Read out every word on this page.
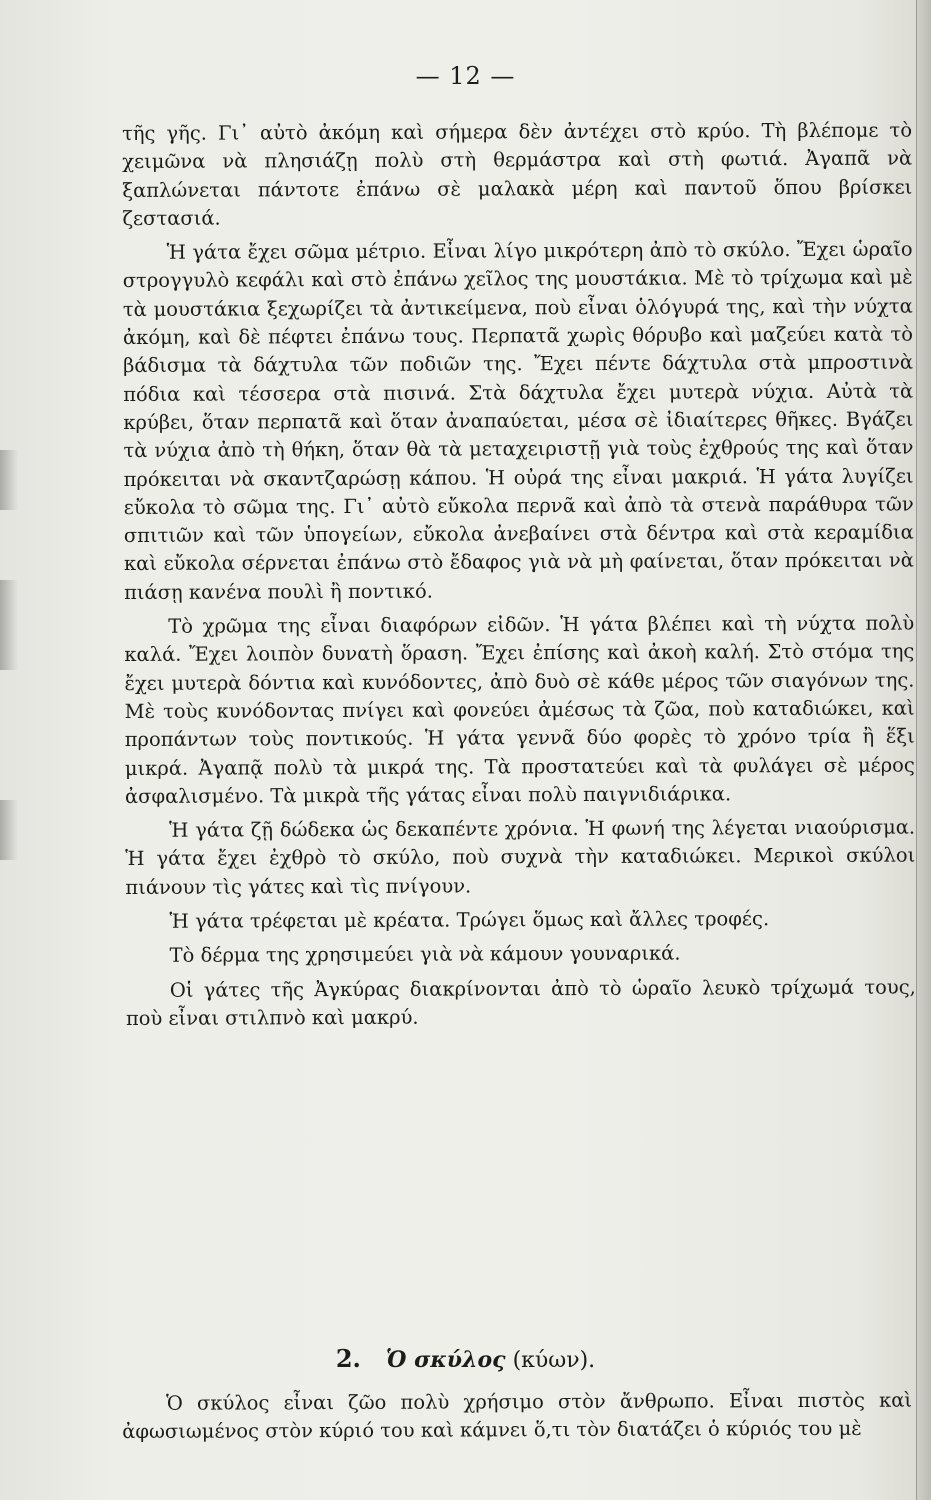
— 12 —

τῆς γῆς. Γι᾽ αὐτὸ ἀκόμη καὶ σήμερα δὲν ἀντέχει στὸ κρύο. Τὴ βλέπομε τὸ χειμῶνα νὰ πλησιάζῃ πολὺ στὴ θερμάστρα καὶ στὴ φωτιά. Ἀγαπᾶ νὰ ξαπλώνεται πάντοτε ἐπάνω σὲ μαλακὰ μέρη καὶ παντοῦ ὅπου βρίσκει ζεστασιά.

Ἡ γάτα ἔχει σῶμα μέτριο. Εἶναι λίγο μικρότερη ἀπὸ τὸ σκύλο. Ἔχει ὡραῖο στρογγυλὸ κεφάλι καὶ στὸ ἐπάνω χεῖλος της μουστάκια. Μὲ τὸ τρίχωμα καὶ μὲ τὰ μουστάκια ξεχωρίζει τὰ ἀντικείμενα, ποὺ εἶναι ὁλόγυρά της, καὶ τὴν νύχτα ἀκόμη, καὶ δὲ πέφτει ἐπάνω τους. Περπατᾶ χωρὶς θόρυβο καὶ μαζεύει κατὰ τὸ βάδισμα τὰ δάχτυλα τῶν ποδιῶν της. Ἔχει πέντε δάχτυλα στὰ μπροστινὰ πόδια καὶ τέσσερα στὰ πισινά. Στὰ δάχτυλα ἔχει μυτερὰ νύχια. Αὐτὰ τὰ κρύβει, ὅταν περπατᾶ καὶ ὅταν ἀναπαύεται, μέσα σὲ ἰδιαίτερες θῆκες. Βγάζει τὰ νύχια ἀπὸ τὴ θήκη, ὅταν θὰ τὰ μεταχειριστῇ γιὰ τοὺς ἐχθρούς της καὶ ὅταν πρόκειται νὰ σκαντζαρώσῃ κάπου. Ἡ οὐρά της εἶναι μακριά. Ἡ γάτα λυγίζει εὔκολα τὸ σῶμα της. Γι᾽ αὐτὸ εὔκολα περνᾶ καὶ ἀπὸ τὰ στενὰ παράθυρα τῶν σπιτιῶν καὶ τῶν ὑπογείων, εὔκολα ἀνεβαίνει στὰ δέντρα καὶ στὰ κεραμίδια καὶ εὔκολα σέρνεται ἐπάνω στὸ ἔδαφος γιὰ νὰ μὴ φαίνεται, ὅταν πρόκειται νὰ πιάσῃ κανένα πουλὶ ἢ ποντικό.

Τὸ χρῶμα της εἶναι διαφόρων εἰδῶν. Ἡ γάτα βλέπει καὶ τὴ νύχτα πολὺ καλά. Ἔχει λοιπὸν δυνατὴ ὅραση. Ἔχει ἐπίσης καὶ ἀκοὴ καλή. Στὸ στόμα της ἔχει μυτερὰ δόντια καὶ κυνόδοντες, ἀπὸ δυὸ σὲ κάθε μέρος τῶν σιαγόνων της. Μὲ τοὺς κυνόδοντας πνίγει καὶ φονεύει ἀμέσως τὰ ζῶα, ποὺ καταδιώκει, καὶ προπάντων τοὺς ποντικούς. Ἡ γάτα γεννᾶ δύο φορὲς τὸ χρόνο τρία ἢ ἕξι μικρά. Ἀγαπᾷ πολὺ τὰ μικρά της. Τὰ προστατεύει καὶ τὰ φυλάγει σὲ μέρος ἀσφαλισμένο. Τὰ μικρὰ τῆς γάτας εἶναι πολὺ παιγνιδιάρικα.

Ἡ γάτα ζῇ δώδεκα ὡς δεκαπέντε χρόνια. Ἡ φωνή της λέγεται νιαούρισμα. Ἡ γάτα ἔχει ἐχθρὸ τὸ σκύλο, ποὺ συχνὰ τὴν καταδιώκει. Μερικοὶ σκύλοι πιάνουν τὶς γάτες καὶ τὶς πνίγουν.

Ἡ γάτα τρέφεται μὲ κρέατα. Τρώγει ὅμως καὶ ἄλλες τροφές.

Τὸ δέρμα της χρησιμεύει γιὰ νὰ κάμουν γουναρικά.

Οἱ γάτες τῆς Ἀγκύρας διακρίνονται ἀπὸ τὸ ὡραῖο λευκὸ τρίχωμά τους, ποὺ εἶναι στιλπνὸ καὶ μακρύ.

2. Ὁ σκύλος (κύων).

Ὁ σκύλος εἶναι ζῶο πολὺ χρήσιμο στὸν ἄνθρωπο. Εἶναι πιστὸς καὶ ἀφωσιωμένος στὸν κύριό του καὶ κάμνει ὅ,τι τὸν διατάζει ὁ κύριός του μὲ
